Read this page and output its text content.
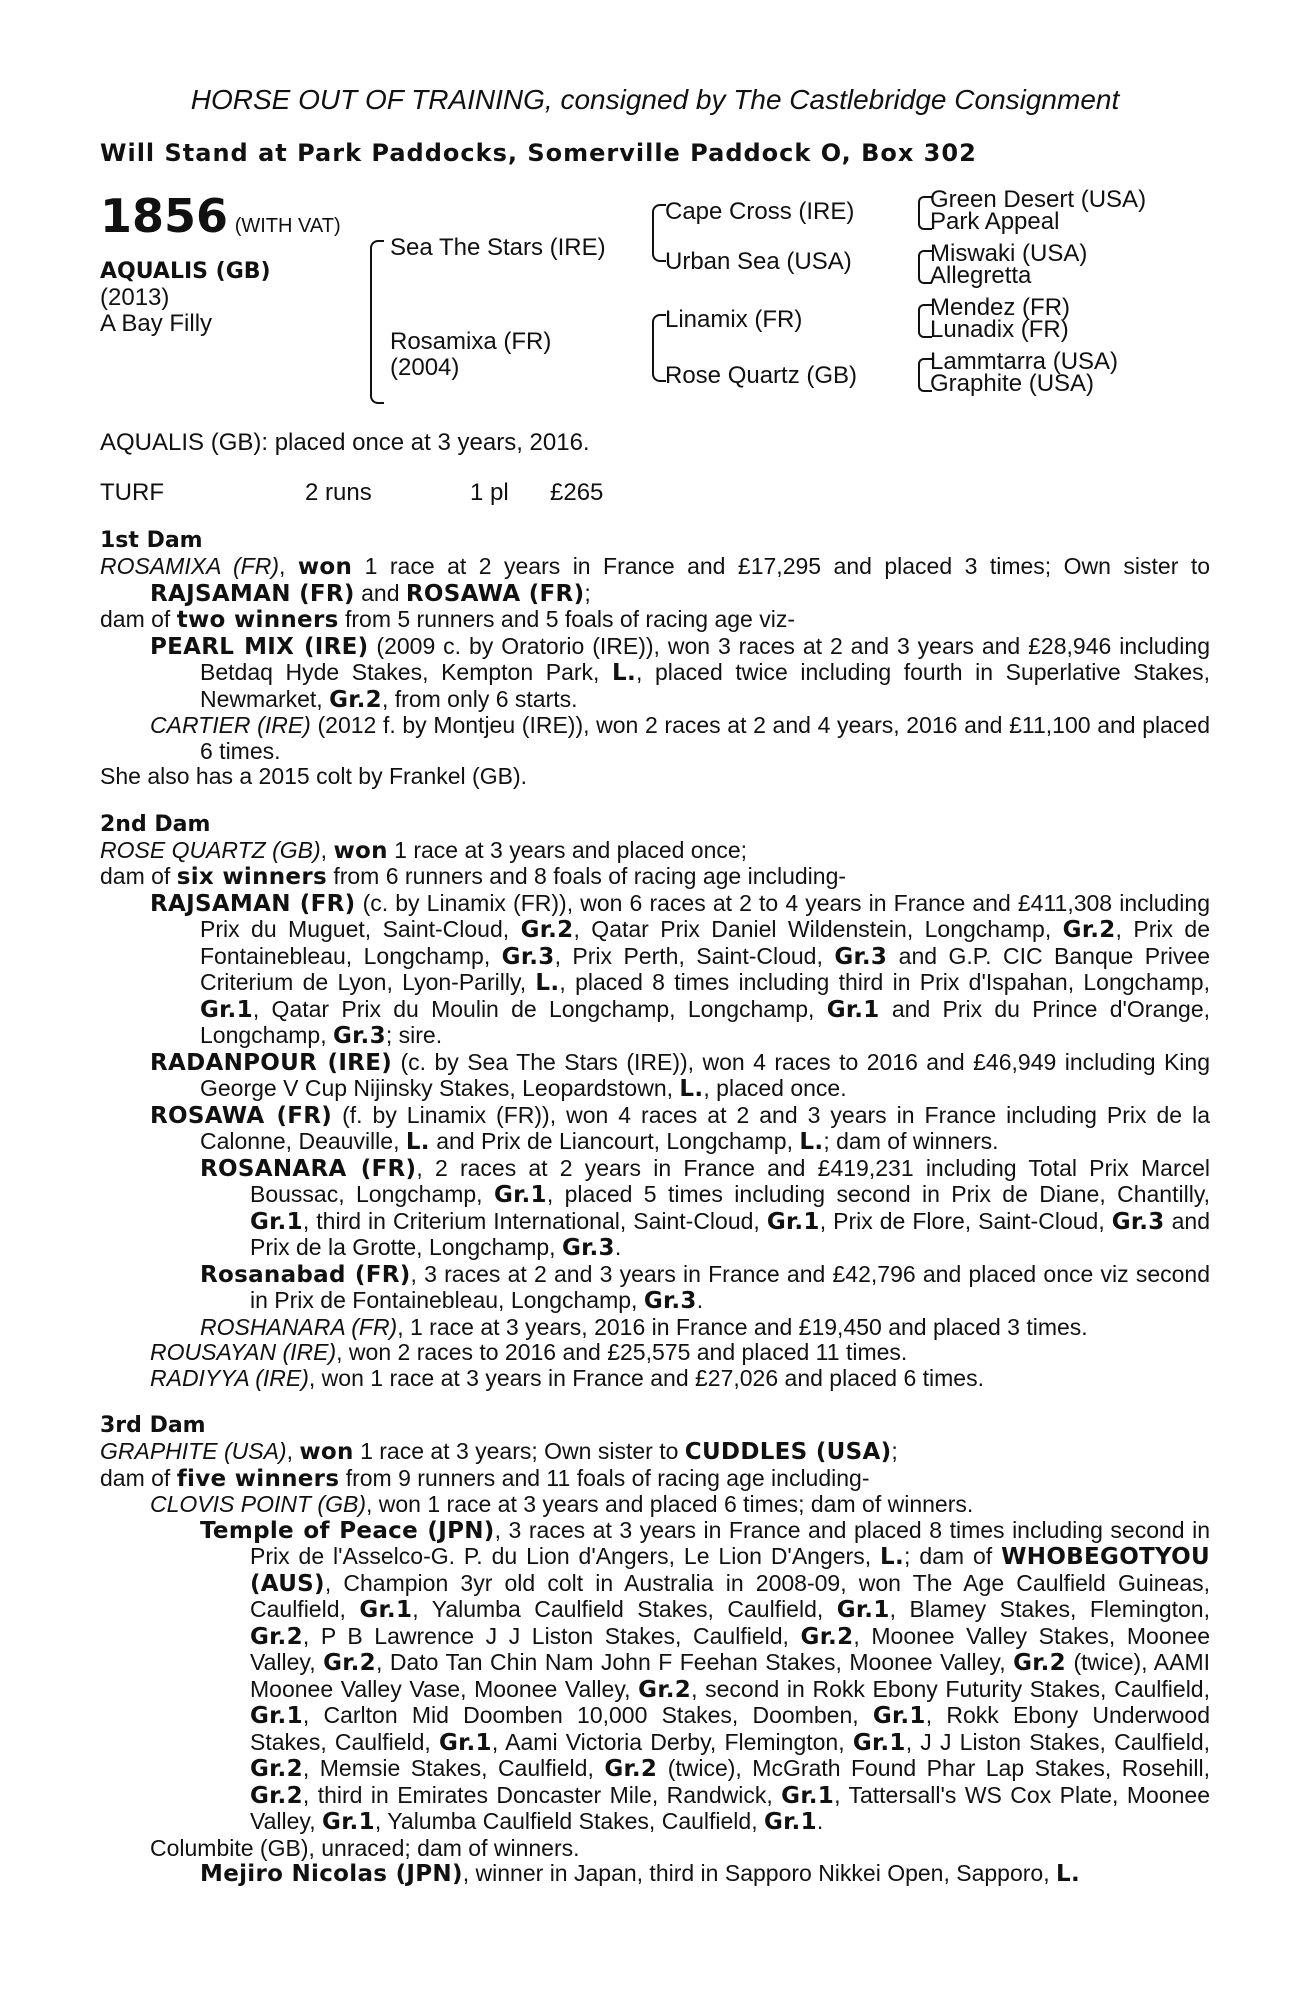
HORSE OUT OF TRAINING, consigned by The Castlebridge Consignment

Will Stand at Park Paddocks, Somerville Paddock O, Box 302
1856 (WITH VAT)
AQUALIS (GB)
(2013)
A Bay Filly
Sea The Stars (IRE)
Rosamixa (FR)
(2004)
Cape Cross (IRE)
Urban Sea (USA)
Linamix (FR)
Rose Quartz (GB)
Green Desert (USA)
Park Appeal
Miswaki (USA)
Allegretta
Mendez (FR)
Lunadix (FR)
Lammtarra (USA)
Graphite (USA)
AQUALIS (GB): placed once at 3 years, 2016.
TURF	2 runs	1 pl	£265
1st Dam

ROSAMIXA (FR), won 1 race at 2 years in France and £17,295 and placed 3 times; Own sister to RAJSAMAN (FR) and ROSAWA (FR);

dam of two winners from 5 runners and 5 foals of racing age viz-

PEARL MIX (IRE) (2009 c. by Oratorio (IRE)), won 3 races at 2 and 3 years and £28,946 including Betdaq Hyde Stakes, Kempton Park, L., placed twice including fourth in Superlative Stakes, Newmarket, Gr.2, from only 6 starts.

CARTIER (IRE) (2012 f. by Montjeu (IRE)), won 2 races at 2 and 4 years, 2016 and £11,100 and placed 6 times.

She also has a 2015 colt by Frankel (GB).

2nd Dam

ROSE QUARTZ (GB), won 1 race at 3 years and placed once;

dam of six winners from 6 runners and 8 foals of racing age including-

RAJSAMAN (FR) (c. by Linamix (FR)), won 6 races at 2 to 4 years in France and £411,308 including Prix du Muguet, Saint-Cloud, Gr.2, Qatar Prix Daniel Wildenstein, Longchamp, Gr.2, Prix de Fontainebleau, Longchamp, Gr.3, Prix Perth, Saint-Cloud, Gr.3 and G.P. CIC Banque Privee Criterium de Lyon, Lyon-Parilly, L., placed 8 times including third in Prix d'Ispahan, Longchamp, Gr.1, Qatar Prix du Moulin de Longchamp, Longchamp, Gr.1 and Prix du Prince d'Orange, Longchamp, Gr.3; sire.

RADANPOUR (IRE) (c. by Sea The Stars (IRE)), won 4 races to 2016 and £46,949 including King George V Cup Nijinsky Stakes, Leopardstown, L., placed once.

ROSAWA (FR) (f. by Linamix (FR)), won 4 races at 2 and 3 years in France including Prix de la Calonne, Deauville, L. and Prix de Liancourt, Longchamp, L.; dam of winners.

ROSANARA (FR), 2 races at 2 years in France and £419,231 including Total Prix Marcel Boussac, Longchamp, Gr.1, placed 5 times including second in Prix de Diane, Chantilly, Gr.1, third in Criterium International, Saint-Cloud, Gr.1, Prix de Flore, Saint-Cloud, Gr.3 and Prix de la Grotte, Longchamp, Gr.3.

Rosanabad (FR), 3 races at 2 and 3 years in France and £42,796 and placed once viz second in Prix de Fontainebleau, Longchamp, Gr.3.

ROSHANARA (FR), 1 race at 3 years, 2016 in France and £19,450 and placed 3 times.

ROUSAYAN (IRE), won 2 races to 2016 and £25,575 and placed 11 times.

RADIYYA (IRE), won 1 race at 3 years in France and £27,026 and placed 6 times.

3rd Dam

GRAPHITE (USA), won 1 race at 3 years; Own sister to CUDDLES (USA);

dam of five winners from 9 runners and 11 foals of racing age including-

CLOVIS POINT (GB), won 1 race at 3 years and placed 6 times; dam of winners.

Temple of Peace (JPN), 3 races at 3 years in France and placed 8 times including second in Prix de l'Asselco-G. P. du Lion d'Angers, Le Lion D'Angers, L.; dam of WHOBEGOTYOU (AUS), Champion 3yr old colt in Australia in 2008-09, won The Age Caulfield Guineas, Caulfield, Gr.1, Yalumba Caulfield Stakes, Caulfield, Gr.1, Blamey Stakes, Flemington, Gr.2, P B Lawrence J J Liston Stakes, Caulfield, Gr.2, Moonee Valley Stakes, Moonee Valley, Gr.2, Dato Tan Chin Nam John F Feehan Stakes, Moonee Valley, Gr.2 (twice), AAMI Moonee Valley Vase, Moonee Valley, Gr.2, second in Rokk Ebony Futurity Stakes, Caulfield, Gr.1, Carlton Mid Doomben 10,000 Stakes, Doomben, Gr.1, Rokk Ebony Underwood Stakes, Caulfield, Gr.1, Aami Victoria Derby, Flemington, Gr.1, J J Liston Stakes, Caulfield, Gr.2, Memsie Stakes, Caulfield, Gr.2 (twice), McGrath Found Phar Lap Stakes, Rosehill, Gr.2, third in Emirates Doncaster Mile, Randwick, Gr.1, Tattersall's WS Cox Plate, Moonee Valley, Gr.1, Yalumba Caulfield Stakes, Caulfield, Gr.1.

Columbite (GB), unraced; dam of winners.

Mejiro Nicolas (JPN), winner in Japan, third in Sapporo Nikkei Open, Sapporo, L.
